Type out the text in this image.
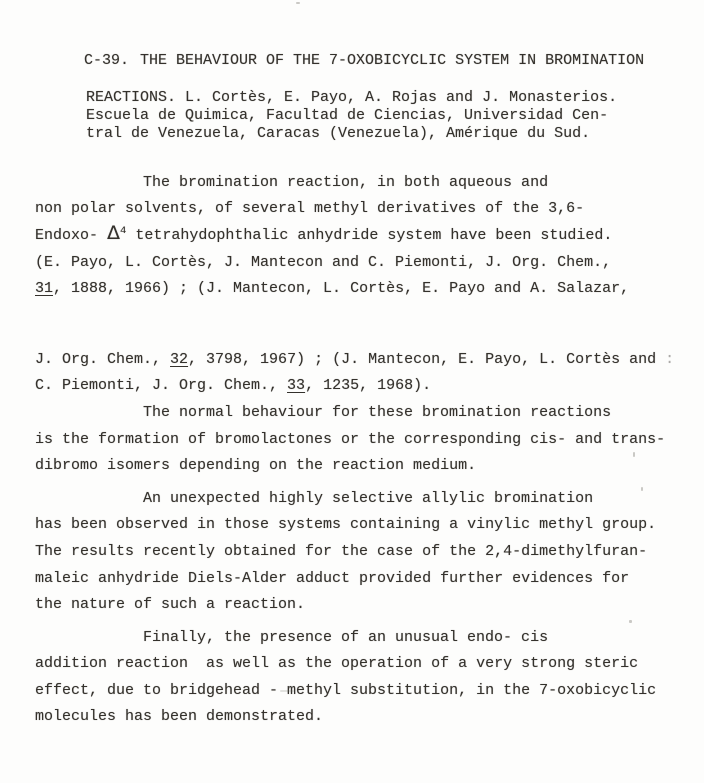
C-39. THE BEHAVIOUR OF THE 7-OXOBICYCLIC SYSTEM IN BROMINATION

REACTIONS. L. Cortès, E. Payo, A. Rojas and J. Monasterios.
Escuela de Quimica, Facultad de Ciencias, Universidad Cen-
tral de Venezuela, Caracas (Venezuela), Amérique du Sud.
The bromination reaction, in both aqueous and
non polar solvents, of several methyl derivatives of the 3,6-
Endoxo- $\Delta^4$ tetrahydophthalic anhydride system have been studied.
(E. Payo, L. Cortès, J. Mantecon and C. Piemonti, J. Org. Chem.,
31, 1888, 1966) ; (J. Mantecon, L. Cortès, E. Payo and A. Salazar,
J. Org. Chem., 32, 3798, 1967) ; (J. Mantecon, E. Payo, L. Cortès and :
C. Piemonti, J. Org. Chem., 33, 1235, 1968).
The normal behaviour for these bromination reactions
is the formation of bromolactones or the corresponding cis- and trans-
dibromo isomers depending on the reaction medium.
An unexpected highly selective allylic bromination
has been observed in those systems containing a vinylic methyl group.
The results recently obtained for the case of the 2,4-dimethylfuran-
maleic anhydride Diels-Alder adduct provided further evidences for
the nature of such a reaction.
Finally, the presence of an unusual endo- cis
addition reaction  as well as the operation of a very strong steric
effect, due to bridgehead - methyl substitution, in the 7-oxobicyclic
molecules has been demonstrated.
